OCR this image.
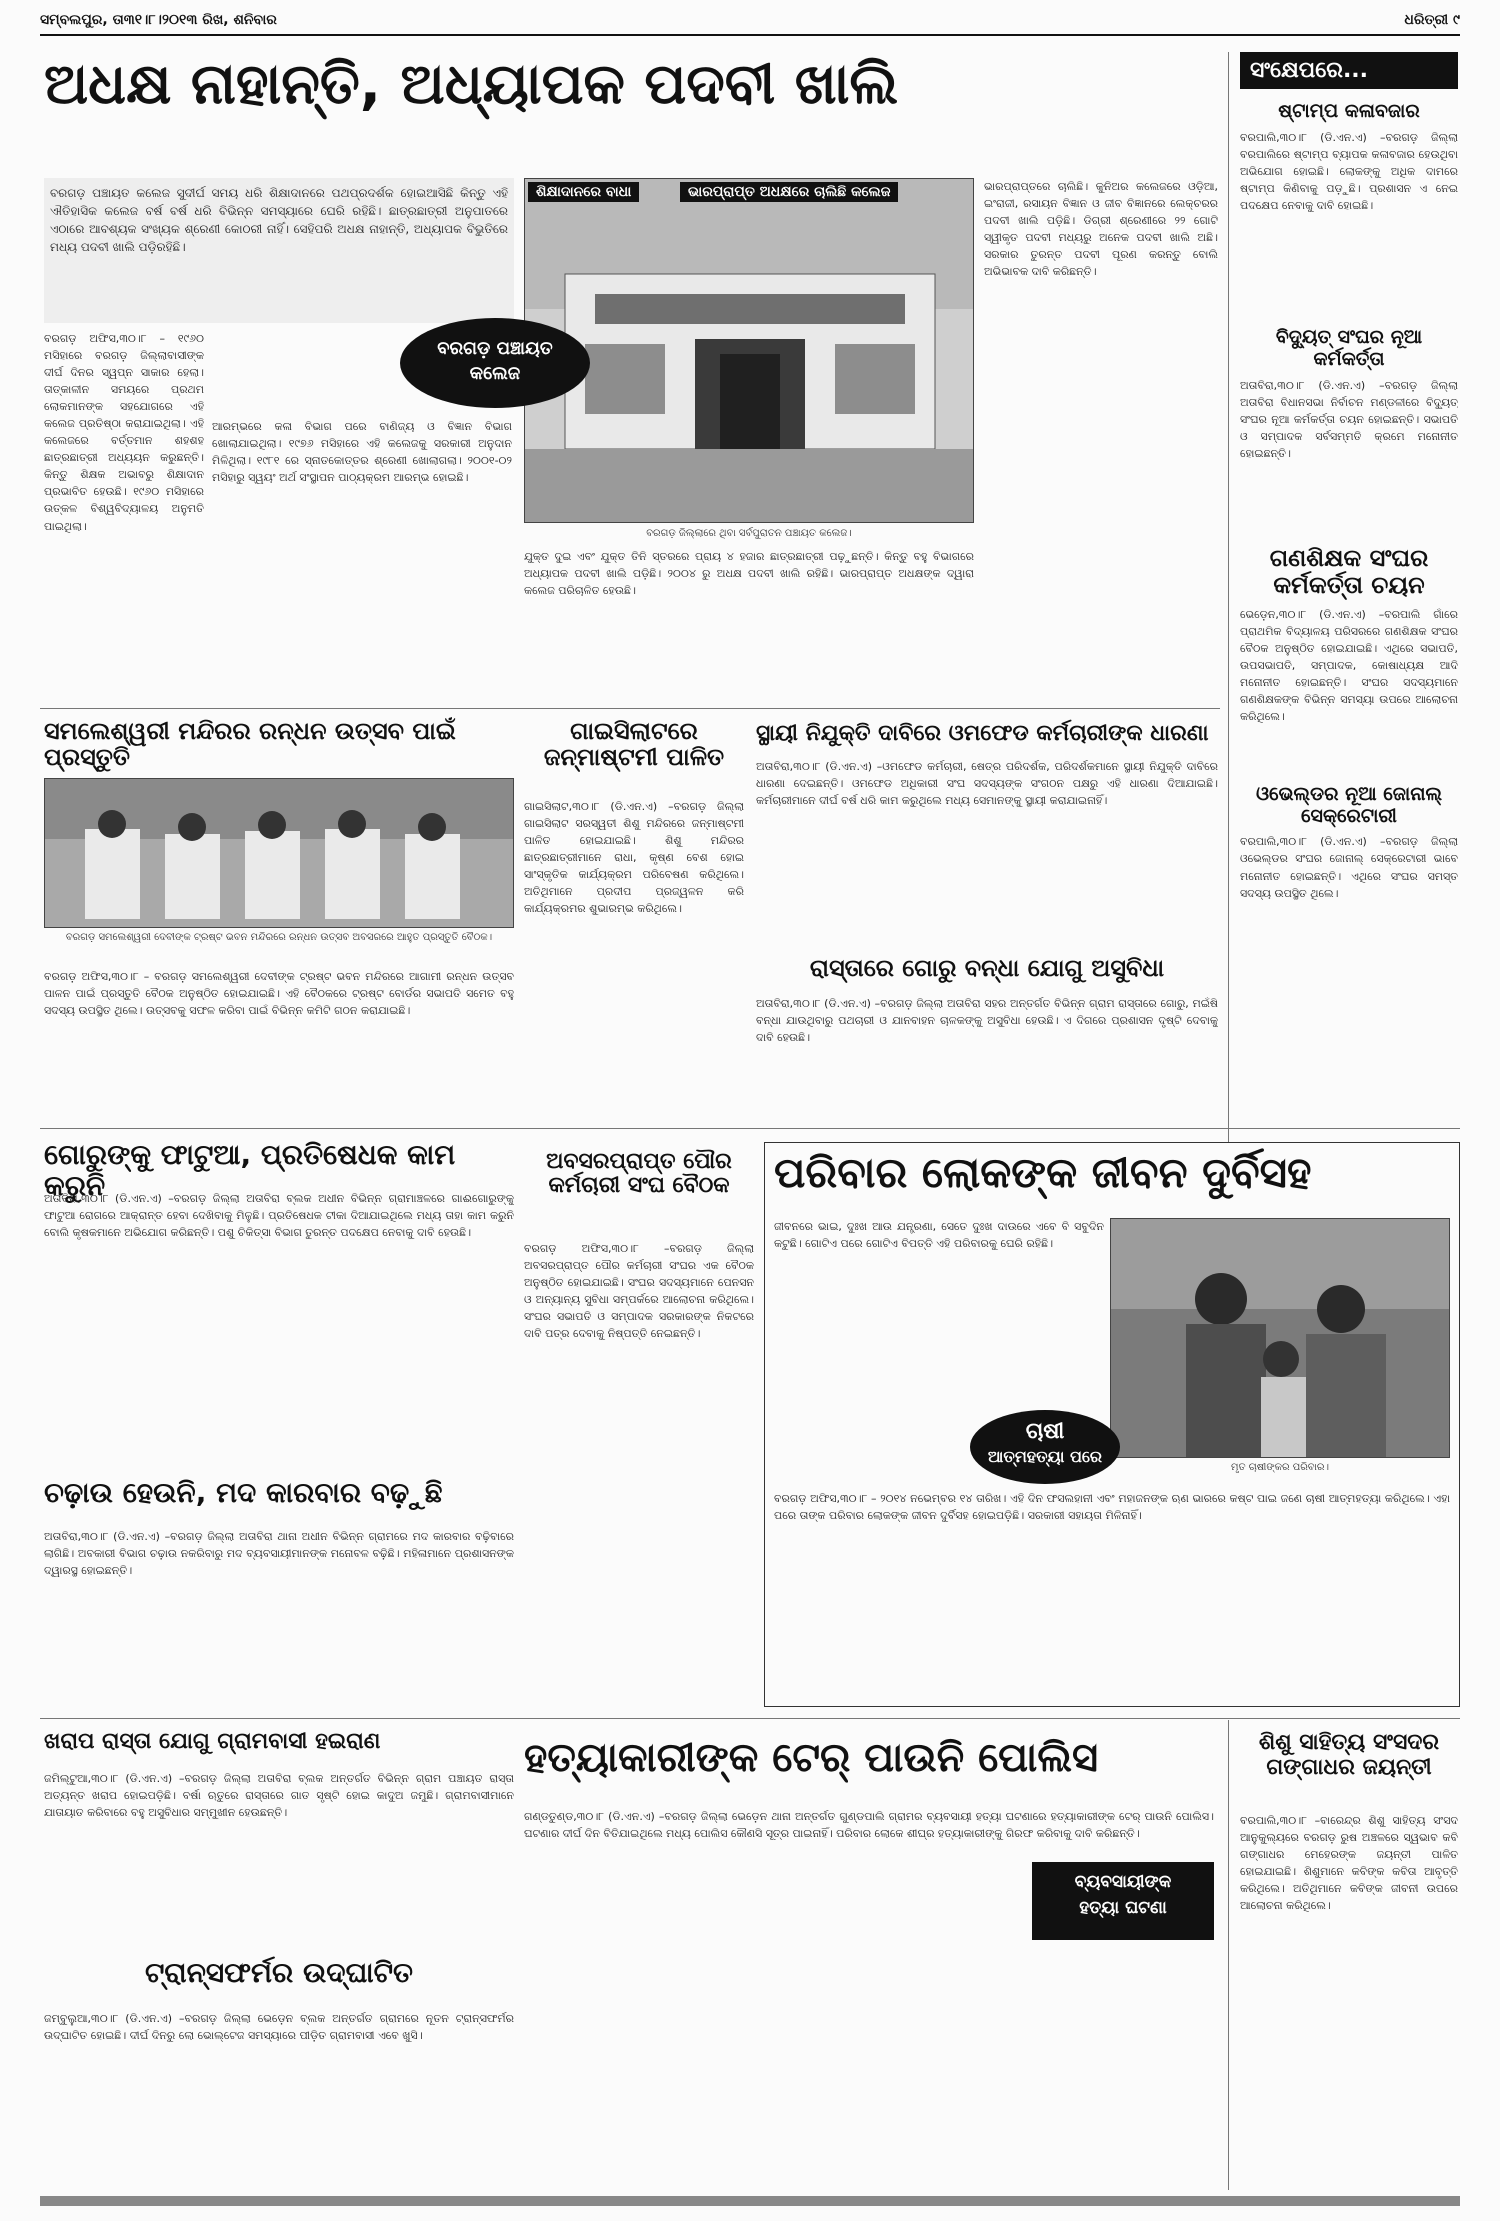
ସମ୍ବଲପୁର, ତା୩୧।୮।୨୦୧୩ ରିଖ, ଶନିବାର	ଧରିତ୍ରୀ ୯
ଅଧକ୍ଷ ନାହାନ୍ତି, ଅଧ୍ୟାପକ ପଦବୀ ଖାଲି	ସଂକ୍ଷେପରେ...
ଷ୍ଟାମ୍ପ କଳାବଜାର
ବରପାଲି,୩୦।୮ (ଡି.ଏନ.ଏ) –ବରଗଡ଼ ଜିଲ୍ଲା ବରପାଲିରେ ଷ୍ଟାମ୍ପ ବ୍ୟାପକ କଳାବଜାର ହେଉଥିବା ଅଭିଯୋଗ ହୋଇଛି। ଲୋକଙ୍କୁ ଅଧିକ ଦାମରେ ଷ୍ଟାମ୍ପ କିଣିବାକୁ ପଡ଼ୁଛି। ପ୍ରଶାସନ ଏ ନେଇ ପଦକ୍ଷେପ ନେବାକୁ ଦାବି ହୋଇଛି।
ବିଦ୍ୟୁତ୍ ସଂଘର ନୂଆ କର୍ମକର୍ତ୍ତା
ଅତାବିରା,୩୦।୮ (ଡି.ଏନ.ଏ) –ବରଗଡ଼ ଜିଲ୍ଲା ଅତାବିରା ବିଧାନସଭା ନିର୍ବାଚନ ମଣ୍ଡଳୀରେ ବିଦ୍ୟୁତ୍ ସଂଘର ନୂଆ କର୍ମକର୍ତ୍ତା ଚୟନ ହୋଇଛନ୍ତି। ସଭାପତି ଓ ସମ୍ପାଦକ ସର୍ବସମ୍ମତି କ୍ରମେ ମନୋନୀତ ହୋଇଛନ୍ତି।
ଗଣଶିକ୍ଷକ ସଂଘର କର୍ମକର୍ତ୍ତା ଚୟନ
ଭେଡ଼େନ,୩୦।୮ (ଡି.ଏନ.ଏ) –ବରପାଲି ଗାଁରେ ପ୍ରାଥମିକ ବିଦ୍ୟାଳୟ ପରିସରରେ ଗଣଶିକ୍ଷକ ସଂଘର ବୈଠକ ଅନୁଷ୍ଠିତ ହୋଇଯାଇଛି। ଏଥିରେ ସଭାପତି, ଉପସଭାପତି, ସମ୍ପାଦକ, କୋଷାଧ୍ୟକ୍ଷ ଆଦି ମନୋନୀତ ହୋଇଛନ୍ତି। ସଂଘର ସଦସ୍ୟମାନେ ଗଣଶିକ୍ଷକଙ୍କ ବିଭିନ୍ନ ସମସ୍ୟା ଉପରେ ଆଲୋଚନା କରିଥିଲେ।
ଓଭେଲ୍ଡର ନୂଆ ଜୋନାଲ୍ ସେକ୍ରେଟାରୀ
ବରପାଲି,୩୦।୮ (ଡି.ଏନ.ଏ) –ବରଗଡ଼ ଜିଲ୍ଲା ଓଭେଲ୍ଡର ସଂଘର ଜୋନାଲ୍ ସେକ୍ରେଟାରୀ ଭାବେ ମନୋନୀତ ହୋଇଛନ୍ତି। ଏଥିରେ ସଂଘର ସମସ୍ତ ସଦସ୍ୟ ଉପସ୍ଥିତ ଥିଲେ।
ବରଗଡ଼ ପଞ୍ଚାୟତ କଲେଜ ସୁଦୀର୍ଘ ସମୟ ଧରି ଶିକ୍ଷାଦାନରେ ପଥପ୍ରଦର୍ଶକ ହୋଇଆସିଛି କିନ୍ତୁ ଏହି ଐତିହାସିକ କଲେଜ ବର୍ଷ ବର୍ଷ ଧରି ବିଭିନ୍ନ ସମସ୍ୟାରେ ଘେରି ରହିଛି। ଛାତ୍ରଛାତ୍ରୀ ଅନୁପାତରେ ଏଠାରେ ଆବଶ୍ୟକ ସଂଖ୍ୟକ ଶ୍ରେଣୀ କୋଠରୀ ନାହିଁ। ସେହିପରି ଅଧକ୍ଷ ନାହାନ୍ତି, ଅଧ୍ୟାପକ ବିଭୁତିରେ ମଧ୍ୟ ପଦବୀ ଖାଲି ପଡ଼ିରହିଛି।
ଶିକ୍ଷାଦାନରେ ବାଧା	ଭାରପ୍ରାପ୍ତ ଅଧକ୍ଷରେ ଚାଲିଛି କଲେଜ
ବରଗଡ଼ ପଞ୍ଚାୟତ କଲେଜ
ବରଗଡ଼ ଜିଲ୍ଲାରେ ଥିବା ସର୍ବପୁରାତନ ପଞ୍ଚାୟତ କଲେଜ।
ବରଗଡ଼ ଅଫିସ,୩୦।୮ – ୧୯୬୦ ମସିହାରେ ବରଗଡ଼ ଜିଲ୍ଲାବାସୀଙ୍କ ଦୀର୍ଘ ଦିନର ସ୍ୱପ୍ନ ସାକାର ହେଲା। ତାତ୍କାଳୀନ ସମୟରେ ପ୍ରଥମ ଲୋକମାନଙ୍କ ସହଯୋଗରେ ଏହି କଲେଜ ପ୍ରତିଷ୍ଠା କରାଯାଇଥିଲା। ଏହି କଲେଜରେ ବର୍ତ୍ତମାନ ଶହଶହ ଛାତ୍ରଛାତ୍ରୀ ଅଧ୍ୟୟନ କରୁଛନ୍ତି। କିନ୍ତୁ ଶିକ୍ଷକ ଅଭାବରୁ ଶିକ୍ଷାଦାନ ପ୍ରଭାବିତ ହେଉଛି। ୧୯୬୦ ମସିହାରେ ଉତ୍କଳ ବିଶ୍ୱବିଦ୍ୟାଳୟ ଅନୁମତି ପାଇଥିଲା।
ଆରମ୍ଭରେ କଳା ବିଭାଗ ପରେ ବାଣିଜ୍ୟ ଓ ବିଜ୍ଞାନ ବିଭାଗ ଖୋଲାଯାଇଥିଲା। ୧୯୭୬ ମସିହାରେ ଏହି କଲେଜକୁ ସରକାରୀ ଅନୁଦାନ ମିଳିଥିଲା। ୧୯୮୧ ରେ ସ୍ନାତକୋତ୍ତର ଶ୍ରେଣୀ ଖୋଲାଗଲା। ୨୦୦୧-୦୨ ମସିହାରୁ ସ୍ୱୟଂ ଅର୍ଥ ସଂସ୍ଥାପନ ପାଠ୍ୟକ୍ରମ ଆରମ୍ଭ ହୋଇଛି।
ଯୁକ୍ତ ଦୁଇ ଏବଂ ଯୁକ୍ତ ତିନି ସ୍ତରରେ ପ୍ରାୟ ୪ ହଜାର ଛାତ୍ରଛାତ୍ରୀ ପଢ଼ୁଛନ୍ତି। କିନ୍ତୁ ବହୁ ବିଭାଗରେ ଅଧ୍ୟାପକ ପଦବୀ ଖାଲି ପଡ଼ିଛି। ୨୦୦୪ ରୁ ଅଧକ୍ଷ ପଦବୀ ଖାଲି ରହିଛି। ଭାରପ୍ରାପ୍ତ ଅଧକ୍ଷଙ୍କ ଦ୍ୱାରା କଲେଜ ପରିଚାଳିତ ହେଉଛି।
ଭାରପ୍ରାପ୍ତରେ ଚାଲିଛି। କୁନିଅର କଲେଜରେ ଓଡ଼ିଆ, ଇଂରାଜୀ, ରସାୟନ ବିଜ୍ଞାନ ଓ ଜୀବ ବିଜ୍ଞାନରେ ଲେକ୍ଚରର ପଦବୀ ଖାଲି ପଡ଼ିଛି। ଡିଗ୍ରୀ ଶ୍ରେଣୀରେ ୨୨ ଗୋଟି ସ୍ୱୀକୃତ ପଦବୀ ମଧ୍ୟରୁ ଅନେକ ପଦବୀ ଖାଲି ଅଛି। ସରକାର ତୁରନ୍ତ ପଦବୀ ପୂରଣ କରନ୍ତୁ ବୋଲି ଅଭିଭାବକ ଦାବି କରିଛନ୍ତି।
ସମଲେଶ୍ୱରୀ ମନ୍ଦିରର ରନ୍ଧନ ଉତ୍ସବ ପାଇଁ ପ୍ରସ୍ତୁତି
ବରଗଡ଼ ସମଲେଶ୍ୱରୀ ଦେବୀଙ୍କ ଟ୍ରଷ୍ଟ ଭବନ ମନ୍ଦିରରେ ରନ୍ଧନ ଉତ୍ସବ ଅବସରରେ ଆହୁତ ପ୍ରସ୍ତୁତି ବୈଠକ।
ବରଗଡ଼ ଅଫିସ,୩୦।୮ – ବରଗଡ଼ ସମଲେଶ୍ୱରୀ ଦେବୀଙ୍କ ଟ୍ରଷ୍ଟ ଭବନ ମନ୍ଦିରରେ ଆଗାମୀ ରନ୍ଧନ ଉତ୍ସବ ପାଳନ ପାଇଁ ପ୍ରସ୍ତୁତି ବୈଠକ ଅନୁଷ୍ଠିତ ହୋଇଯାଇଛି। ଏହି ବୈଠକରେ ଟ୍ରଷ୍ଟ ବୋର୍ଡର ସଭାପତି ସମେତ ବହୁ ସଦସ୍ୟ ଉପସ୍ଥିତ ଥିଲେ। ଉତ୍ସବକୁ ସଫଳ କରିବା ପାଇଁ ବିଭିନ୍ନ କମିଟି ଗଠନ କରାଯାଇଛି।
ଗାଇସିଲାଟରେ ଜନ୍ମାଷ୍ଟମୀ ପାଳିତ
ଗାଇସିଲାଟ,୩୦।୮ (ଡି.ଏନ.ଏ) –ବରଗଡ଼ ଜିଲ୍ଲା ଗାଇସିଲାଟ ସରସ୍ୱତୀ ଶିଶୁ ମନ୍ଦିରରେ ଜନ୍ମାଷ୍ଟମୀ ପାଳିତ ହୋଇଯାଇଛି। ଶିଶୁ ମନ୍ଦିରର ଛାତ୍ରଛାତ୍ରୀମାନେ ରାଧା, କୃଷ୍ଣ ବେଶ ହୋଇ ସାଂସ୍କୃତିକ କାର୍ଯ୍ୟକ୍ରମ ପରିବେଷଣ କରିଥିଲେ। ଅତିଥିମାନେ ପ୍ରଦୀପ ପ୍ରଜ୍ୱଳନ କରି କାର୍ଯ୍ୟକ୍ରମର ଶୁଭାରମ୍ଭ କରିଥିଲେ।
ସ୍ଥାୟୀ ନିଯୁକ୍ତି ଦାବିରେ ଓମଫେଡ କର୍ମଚାରୀଙ୍କ ଧାରଣା
ଅତାବିରା,୩୦।୮ (ଡି.ଏନ.ଏ) –ଓମଫେଡ କର୍ମଚାରୀ, ଷେତ୍ର ପରିଦର୍ଶକ, ପରିଦର୍ଶକମାନେ ସ୍ଥାୟୀ ନିଯୁକ୍ତି ଦାବିରେ ଧାରଣା ଦେଇଛନ୍ତି। ଓମଫେଡ ଅଧିକାରୀ ସଂଘ ସଦସ୍ୟଙ୍କ ସଂଗଠନ ପକ୍ଷରୁ ଏହି ଧାରଣା ଦିଆଯାଇଛି। କର୍ମଚାରୀମାନେ ଦୀର୍ଘ ବର୍ଷ ଧରି କାମ କରୁଥିଲେ ମଧ୍ୟ ସେମାନଙ୍କୁ ସ୍ଥାୟୀ କରାଯାଇନାହିଁ।
ରାସ୍ତାରେ ଗୋରୁ ବନ୍ଧା ଯୋଗୁ ଅସୁବିଧା
ଅତାବିରା,୩୦।୮ (ଡି.ଏନ.ଏ) –ବରଗଡ଼ ଜିଲ୍ଲା ଅତାବିରା ସହର ଅନ୍ତର୍ଗତ ବିଭିନ୍ନ ଗ୍ରାମ ରାସ୍ତାରେ ଗୋରୁ, ମଇଁଷି ବନ୍ଧା ଯାଉଥିବାରୁ ପଥଚାରୀ ଓ ଯାନବାହନ ଚାଳକଙ୍କୁ ଅସୁବିଧା ହେଉଛି। ଏ ଦିଗରେ ପ୍ରଶାସନ ଦୃଷ୍ଟି ଦେବାକୁ ଦାବି ହେଉଛି।
ଗୋରୁଙ୍କୁ ଫାଟୁଆ, ପ୍ରତିଷେଧକ କାମ କରୁନି
ଅତାବିରା,୩୦।୮ (ଡି.ଏନ.ଏ) –ବରଗଡ଼ ଜିଲ୍ଲା ଅତାବିରା ବ୍ଲକ ଅଧୀନ ବିଭିନ୍ନ ଗ୍ରାମାଞ୍ଚଳରେ ଗାଈଗୋରୁଙ୍କୁ ଫାଟୁଆ ରୋଗରେ ଆକ୍ରାନ୍ତ ହେବା ଦେଖିବାକୁ ମିଳୁଛି। ପ୍ରତିଷେଧକ ଟୀକା ଦିଆଯାଇଥିଲେ ମଧ୍ୟ ତାହା କାମ କରୁନି ବୋଲି କୃଷକମାନେ ଅଭିଯୋଗ କରିଛନ୍ତି। ପଶୁ ଚିକିତ୍ସା ବିଭାଗ ତୁରନ୍ତ ପଦକ୍ଷେପ ନେବାକୁ ଦାବି ହେଉଛି।
ଚଢ଼ାଉ ହେଉନି, ମଦ କାରବାର ବଢ଼ୁଛି
ଅତାବିରା,୩୦।୮ (ଡି.ଏନ.ଏ) –ବରଗଡ଼ ଜିଲ୍ଲା ଅତାବିରା ଥାନା ଅଧୀନ ବିଭିନ୍ନ ଗ୍ରାମରେ ମଦ କାରବାର ବଢ଼ିବାରେ ଲାଗିଛି। ଅବକାରୀ ବିଭାଗ ଚଢ଼ାଉ ନକରିବାରୁ ମଦ ବ୍ୟବସାୟୀମାନଙ୍କ ମନୋବଳ ବଢ଼ିଛି। ମହିଳାମାନେ ପ୍ରଶାସନଙ୍କ ଦ୍ୱାରସ୍ଥ ହୋଇଛନ୍ତି।
ଅବସରପ୍ରାପ୍ତ ପୌର କର୍ମଚାରୀ ସଂଘ ବୈଠକ
ବରଗଡ଼ ଅଫିସ,୩୦।୮ –ବରଗଡ଼ ଜିଲ୍ଲା ଅବସରପ୍ରାପ୍ତ ପୌର କର୍ମଚାରୀ ସଂଘର ଏକ ବୈଠକ ଅନୁଷ୍ଠିତ ହୋଇଯାଇଛି। ସଂଘର ସଦସ୍ୟମାନେ ପେନସନ ଓ ଅନ୍ୟାନ୍ୟ ସୁବିଧା ସମ୍ପର୍କରେ ଆଲୋଚନା କରିଥିଲେ। ସଂଘର ସଭାପତି ଓ ସମ୍ପାଦକ ସରକାରଙ୍କ ନିକଟରେ ଦାବି ପତ୍ର ଦେବାକୁ ନିଷ୍ପତ୍ତି ନେଇଛନ୍ତି।
ପରିବାର ଲୋକଙ୍କ ଜୀବନ ଦୁର୍ବିସହ
ଜୀବନରେ ଭାଇ, ଦୁଃଖ ଆଉ ଯନ୍ତ୍ରଣା, ସେତେ ଦୁଃଖ ଦାଉରେ ଏବେ ବି ସବୁଦିନ କଟୁଛି। ଗୋଟିଏ ପରେ ଗୋଟିଏ ବିପତ୍ତି ଏହି ପରିବାରକୁ ଘେରି ରହିଛି।
ମୃତ ଚାଷୀଙ୍କର ପରିବାର।
ଚାଷୀ
ଆତ୍ମହତ୍ୟା ପରେ
ବରଗଡ଼ ଅଫିସ,୩୦।୮ – ୨୦୧୪ ନଭେମ୍ବର ୧୪ ତାରିଖ। ଏହି ଦିନ ଫସଲହାନୀ ଏବଂ ମହାଜନଙ୍କ ଋଣ ଭାରରେ କଷ୍ଟ ପାଇ ଜଣେ ଚାଷୀ ଆତ୍ମହତ୍ୟା କରିଥିଲେ। ଏହା ପରେ ତାଙ୍କ ପରିବାର ଲୋକଙ୍କ ଜୀବନ ଦୁର୍ବିସହ ହୋଇପଡ଼ିଛି। ସରକାରୀ ସହାୟତା ମିଳିନାହିଁ।
ଖରାପ ରାସ୍ତା ଯୋଗୁ ଗ୍ରାମବାସୀ ହଇରାଣ
ଜମିଲ୍ଟୁଆ,୩୦।୮ (ଡି.ଏନ.ଏ) –ବରଗଡ଼ ଜିଲ୍ଲା ଅତାବିରା ବ୍ଲକ ଅନ୍ତର୍ଗତ ବିଭିନ୍ନ ଗ୍ରାମ ପଞ୍ଚାୟତ ରାସ୍ତା ଅତ୍ୟନ୍ତ ଖରାପ ହୋଇପଡ଼ିଛି। ବର୍ଷା ଋତୁରେ ରାସ୍ତାରେ ଗାତ ସୃଷ୍ଟି ହୋଇ କାଦୁଅ ଜମୁଛି। ଗ୍ରାମବାସୀମାନେ ଯାତାୟାତ କରିବାରେ ବହୁ ଅସୁବିଧାର ସମ୍ମୁଖୀନ ହେଉଛନ୍ତି।
ଟ୍ରାନ୍ସଫର୍ମର ଉଦ୍‌ଘାଟିତ
ଜମ୍ବୁଲୁଆ,୩୦।୮ (ଡି.ଏନ.ଏ) –ବରଗଡ଼ ଜିଲ୍ଲା ଭେଡ଼େନ ବ୍ଲକ ଅନ୍ତର୍ଗତ ଗ୍ରାମରେ ନୂତନ ଟ୍ରାନ୍ସଫର୍ମର ଉଦ୍‌ଘାଟିତ ହୋଇଛି। ଦୀର୍ଘ ଦିନରୁ ଲୋ ଭୋଲ୍ଟେଜ ସମସ୍ୟାରେ ପୀଡ଼ିତ ଗ୍ରାମବାସୀ ଏବେ ଖୁସି।
ହତ୍ୟାକାରୀଙ୍କ ଟେର୍ ପାଉନି ପୋଲିସ
ଗଣ୍ଡତୁଣ୍ଡ,୩୦।୮ (ଡି.ଏନ.ଏ) –ବରଗଡ଼ ଜିଲ୍ଲା ଭେଡ଼େନ ଥାନା ଅନ୍ତର୍ଗତ ଗୁଣ୍ଡପାଲି ଗ୍ରାମର ବ୍ୟବସାୟୀ ହତ୍ୟା ଘଟଣାରେ ହତ୍ୟାକାରୀଙ୍କ ଟେର୍ ପାଉନି ପୋଲିସ। ଘଟଣାର ଦୀର୍ଘ ଦିନ ବିତିଯାଇଥିଲେ ମଧ୍ୟ ପୋଲିସ କୌଣସି ସୂତ୍ର ପାଇନାହିଁ। ପରିବାର ଲୋକେ ଶୀଘ୍ର ହତ୍ୟାକାରୀଙ୍କୁ ଗିରଫ କରିବାକୁ ଦାବି କରିଛନ୍ତି।
ବ୍ୟବସାୟୀଙ୍କ
ହତ୍ୟା ଘଟଣା
ଶିଶୁ ସାହିତ୍ୟ ସଂସଦର ଗଙ୍ଗାଧର ଜୟନ୍ତୀ
ବରପାଲି,୩୦।୮ –ବାରେନ୍ଦ୍ର ଶିଶୁ ସାହିତ୍ୟ ସଂସଦ ଆନୁକୁଲ୍ୟରେ ବରଗଡ଼ ରୁଷ ଅଞ୍ଚଳରେ ସ୍ୱଭାବ କବି ଗଙ୍ଗାଧର ମେହେରଙ୍କ ଜୟନ୍ତୀ ପାଳିତ ହୋଇଯାଇଛି। ଶିଶୁମାନେ କବିଙ୍କ କବିତା ଆବୃତ୍ତି କରିଥିଲେ। ଅତିଥିମାନେ କବିଙ୍କ ଜୀବନୀ ଉପରେ ଆଲୋଚନା କରିଥିଲେ।
